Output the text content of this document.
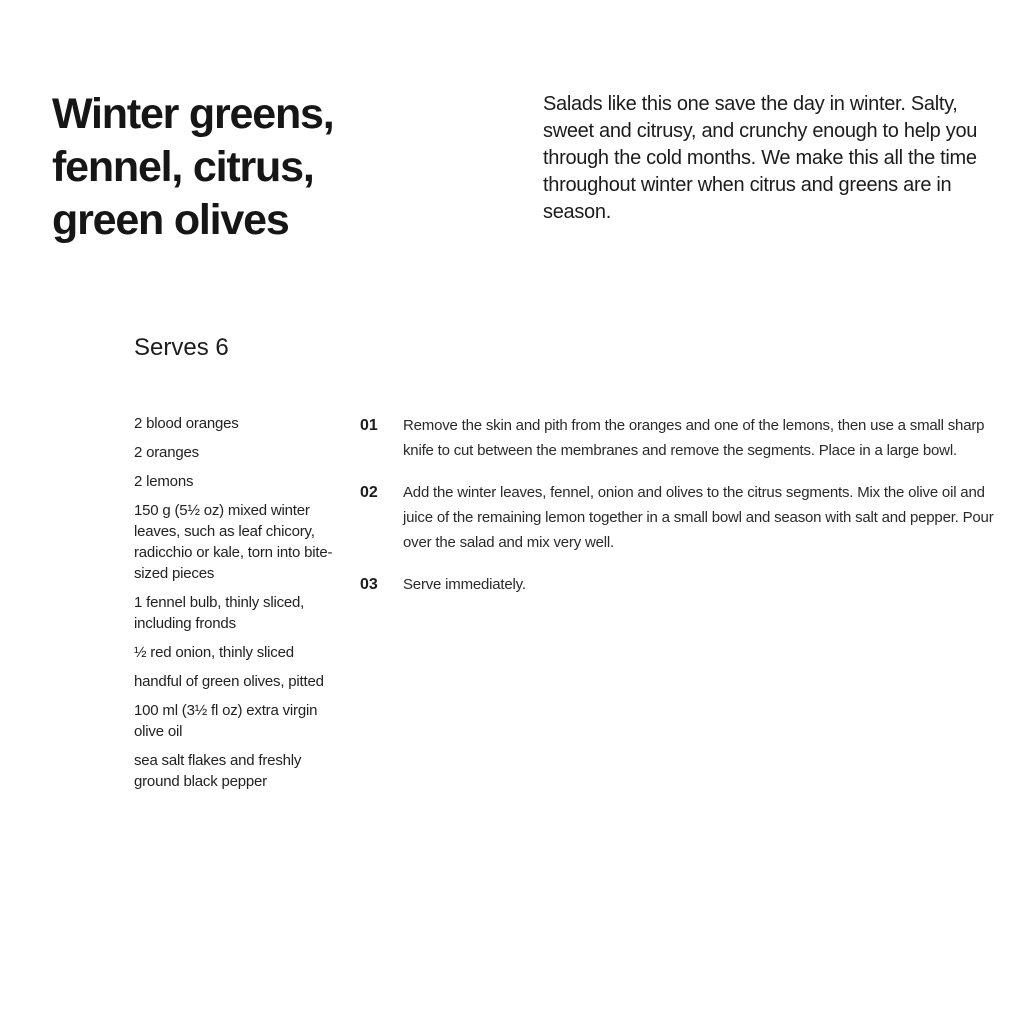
Winter greens, fennel, citrus, green olives

Salads like this one save the day in winter. Salty, sweet and citrusy, and crunchy enough to help you through the cold months. We make this all the time throughout winter when citrus and greens are in season.

Serves 6
2 blood oranges
2 oranges
2 lemons
150 g (5½ oz) mixed winter leaves, such as leaf chicory, radicchio or kale, torn into bite-sized pieces
1 fennel bulb, thinly sliced, including fronds
½ red onion, thinly sliced
handful of green olives, pitted
100 ml (3½ fl oz) extra virgin olive oil
sea salt flakes and freshly ground black pepper
01	Remove the skin and pith from the oranges and one of the lemons, then use a small sharp knife to cut between the membranes and remove the segments. Place in a large bowl.
02	Add the winter leaves, fennel, onion and olives to the citrus segments. Mix the olive oil and juice of the remaining lemon together in a small bowl and season with salt and pepper. Pour over the salad and mix very well.
03	Serve immediately.
